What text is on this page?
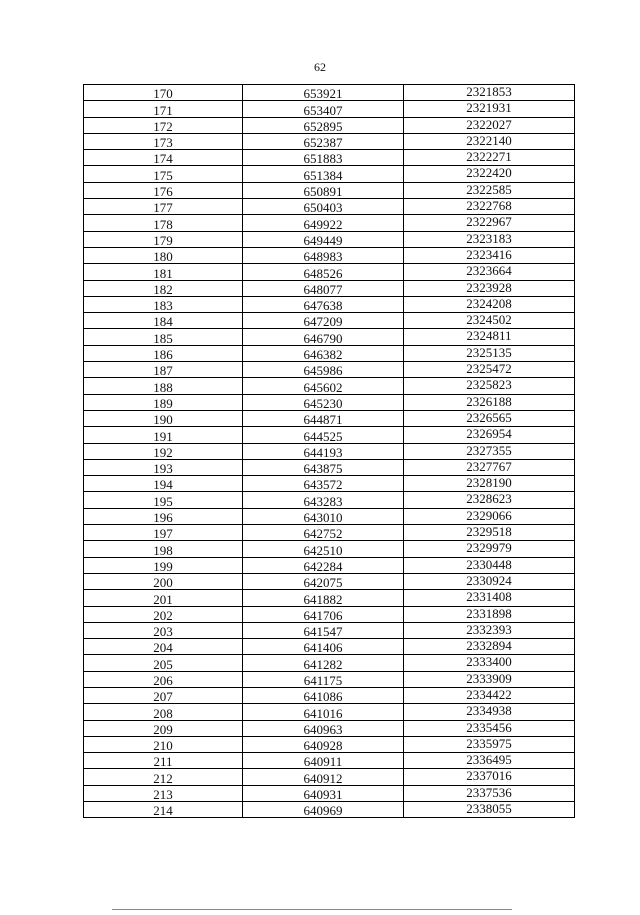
62
170	653921	2321853
171	653407	2321931
172	652895	2322027
173	652387	2322140
174	651883	2322271
175	651384	2322420
176	650891	2322585
177	650403	2322768
178	649922	2322967
179	649449	2323183
180	648983	2323416
181	648526	2323664
182	648077	2323928
183	647638	2324208
184	647209	2324502
185	646790	2324811
186	646382	2325135
187	645986	2325472
188	645602	2325823
189	645230	2326188
190	644871	2326565
191	644525	2326954
192	644193	2327355
193	643875	2327767
194	643572	2328190
195	643283	2328623
196	643010	2329066
197	642752	2329518
198	642510	2329979
199	642284	2330448
200	642075	2330924
201	641882	2331408
202	641706	2331898
203	641547	2332393
204	641406	2332894
205	641282	2333400
206	641175	2333909
207	641086	2334422
208	641016	2334938
209	640963	2335456
210	640928	2335975
211	640911	2336495
212	640912	2337016
213	640931	2337536
214	640969	2338055
